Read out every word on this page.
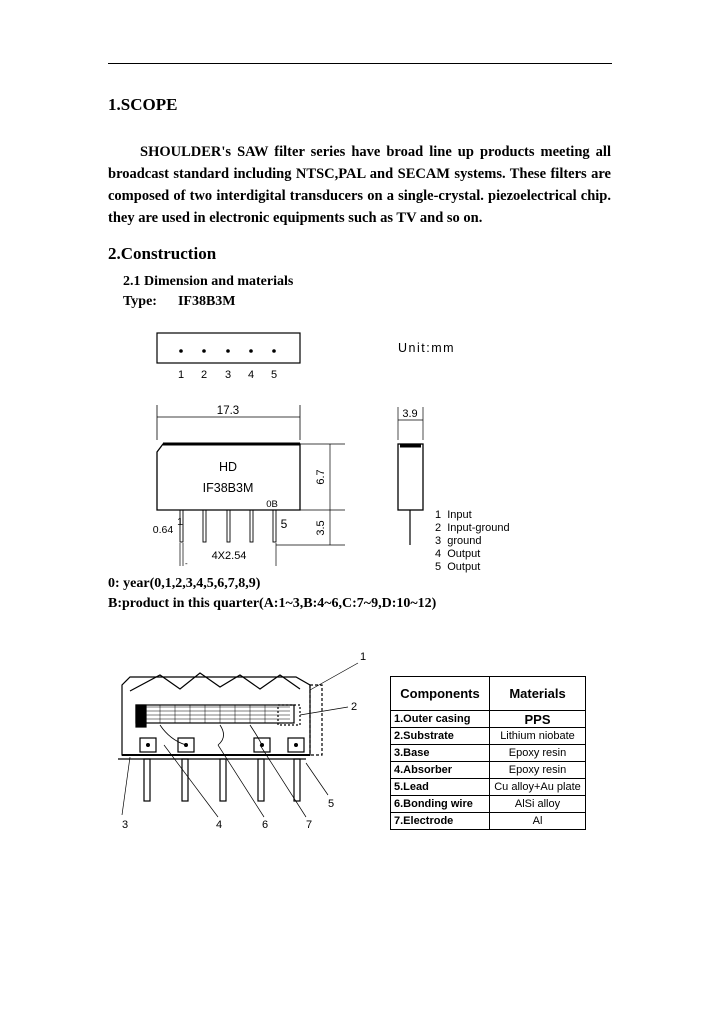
1.SCOPE
SHOULDER's SAW filter series have broad line up products meeting all broadcast standard including NTSC,PAL and SECAM systems. These filters are composed of two interdigital transducers on a single-crystal. piezoelectrical chip. they are used in electronic equipments such as TV and so on.
2.Construction
2.1 Dimension and materials
Type: IF38B3M
1 2 3 4 5
Unit:mm
17.3
HD
IF38B3M
0B
1	5
0.64
4X2.54
-
6.7
3.5
3.9
1  Input
2  Input-ground
3  ground
4  Output
5  Output
0: year(0,1,2,3,4,5,6,7,8,9)
B:product in this quarter(A:1~3,B:4~6,C:7~9,D:10~12)
1
2
3	4	6	7
5
Components	Materials
1.Outer casing	PPS
2.Substrate	Lithium niobate
3.Base	Epoxy resin
4.Absorber	Epoxy resin
5.Lead	Cu alloy+Au plate
6.Bonding wire	AlSi alloy
7.Electrode	Al
